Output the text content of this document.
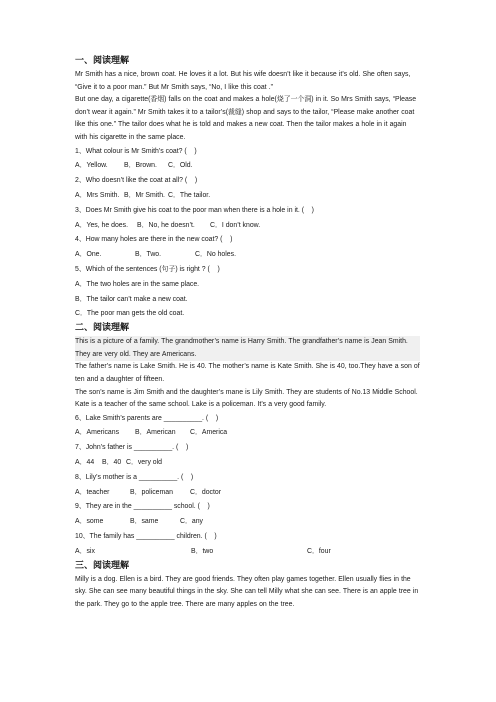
一、阅读理解

Mr Smith has a nice, brown coat. He loves it a lot. But his wife doesn’t like it because it’s old. She often says, “Give it to a poor man.” But Mr Smith says, “No, I like this coat .”

But one day, a cigarette(香烟) falls on the coat and makes a hole(烧了一个洞) in it. So Mrs Smith says, “Please don’t wear it again.” Mr Smith takes it to a tailor’s(裁缝) shop and says to the tailor, “Please make another coat like this one.” The tailor does what he is told and makes a new coat. Then the tailor makes a hole in it again with his cigarette in the same place.

1、What colour is Mr Smith’s coat? (    )
A．Yellow.	B．Brown.	C．Old.
2、Who doesn’t like the coat at all? (    )
A．Mrs Smith. B．Mr Smith. C．The tailor.
3、Does Mr Smith give his coat to the poor man when there is a hole in it. (    )
A．Yes, he does.	B．No, he doesn’t.	C．I don’t know.
4、How many holes are there in the new coat? (    )
A．One.	B．Two.	C．No holes.
5、Which of the sentences (句子) is right ? (    )
A．The two holes are in the same place.
B．The tailor can’t make a new coat.
C．The poor man gets the old coat.
二、阅读理解

This is a picture of a family. The grandmother’s name is Harry Smith. The grandfather’s name is Jean Smith. They are very old. They are Americans.

The father’s name is Lake Smith. He is 40. The mother’s name is Kate Smith. She is 40, too.They have a son of ten and a daughter of fifteen.

The son’s name is Jim Smith and the daughter’s mane is Lily Smith. They are students of No.13 Middle School. Kate is a teacher of the same school. Lake is a policeman. It’s a very good family.

6、Lake Smith’s parents are __________. (    )
A．Americans	B．American	C．America
7、John’s father is __________. (    )
A．44	B．40 C．very old
8、Lily’s mother is a __________. (    )
A．teacher	B．policeman	C．doctor
9、They are in the __________ school. (    )
A．some	B．same	C．any
10、The family has __________ children. (    )
A．six	B．two	C．four
三、阅读理解

Milly is a dog. Ellen is a bird. They are good friends. They often play games together. Ellen usually flies in the sky. She can see many beautiful things in the sky. She can tell Milly what she can see. There is an apple tree in the park. They go to the apple tree. There are many apples on the tree.
